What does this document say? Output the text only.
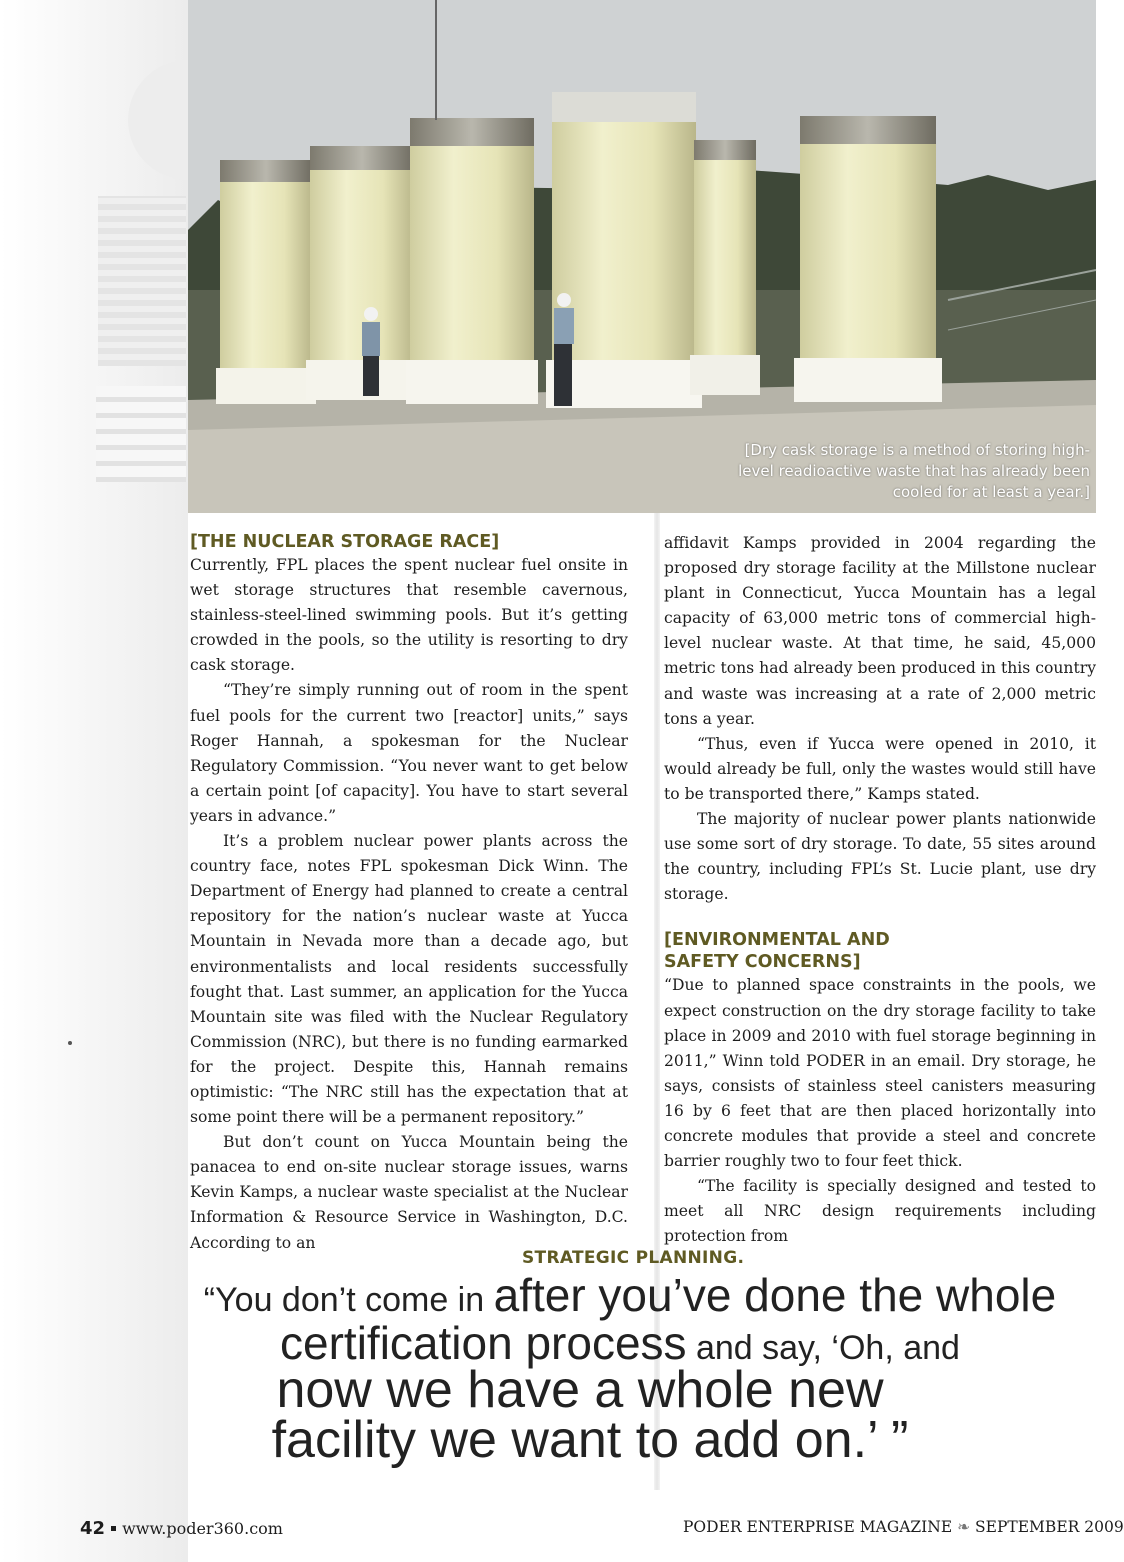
[Dry cask storage is a method of storing high-level readioactive waste that has already been cooled for at least a year.]
[THE NUCLEAR STORAGE RACE]

Currently, FPL places the spent nuclear fuel onsite in wet storage structures that resemble cavernous, stainless-steel-lined swimming pools. But it’s getting crowded in the pools, so the utility is resorting to dry cask storage.

“They’re simply running out of room in the spent fuel pools for the current two [reactor] units,” says Roger Hannah, a spokesman for the Nuclear Regulatory Commission. “You never want to get below a certain point [of capacity]. You have to start several years in advance.”

It’s a problem nuclear power plants across the country face, notes FPL spokesman Dick Winn. The Department of Energy had planned to create a central repository for the nation’s nuclear waste at Yucca Mountain in Nevada more than a decade ago, but environmentalists and local residents successfully fought that. Last summer, an application for the Yucca Mountain site was filed with the Nuclear Regulatory Commission (NRC), but there is no funding earmarked for the project. Despite this, Hannah remains optimistic: “The NRC still has the expectation that at some point there will be a permanent repository.”

But don’t count on Yucca Mountain being the panacea to end on-site nuclear storage issues, warns Kevin Kamps, a nuclear waste specialist at the Nuclear Information & Resource Service in Washington, D.C. According to an

affidavit Kamps provided in 2004 regarding the proposed dry storage facility at the Millstone nuclear plant in Connecticut, Yucca Mountain has a legal capacity of 63,000 metric tons of commercial high-level nuclear waste. At that time, he said, 45,000 metric tons had already been produced in this country and waste was increasing at a rate of 2,000 metric tons a year.

“Thus, even if Yucca were opened in 2010, it would already be full, only the wastes would still have to be transported there,” Kamps stated.

The majority of nuclear power plants nationwide use some sort of dry storage. To date, 55 sites around the country, including FPL’s St. Lucie plant, use dry storage.

[ENVIRONMENTAL AND
SAFETY CONCERNS]

“Due to planned space constraints in the pools, we expect construction on the dry storage facility to take place in 2009 and 2010 with fuel storage beginning in 2011,” Winn told PODER in an email. Dry storage, he says, consists of stainless steel canisters measuring 16 by 6 feet that are then placed horizontally into concrete modules that provide a steel and concrete barrier roughly two to four feet thick.

“The facility is specially designed and tested to meet all NRC design requirements including protection from

STRATEGIC PLANNING.
“You don’t come in after you’ve done the whole
certification process and say, ‘Oh, and
now we have a whole new
facility we want to add on.’ ”
42 www.poder360.com	PODER ENTERPRISE MAGAZINE ❧ SEPTEMBER 2009
